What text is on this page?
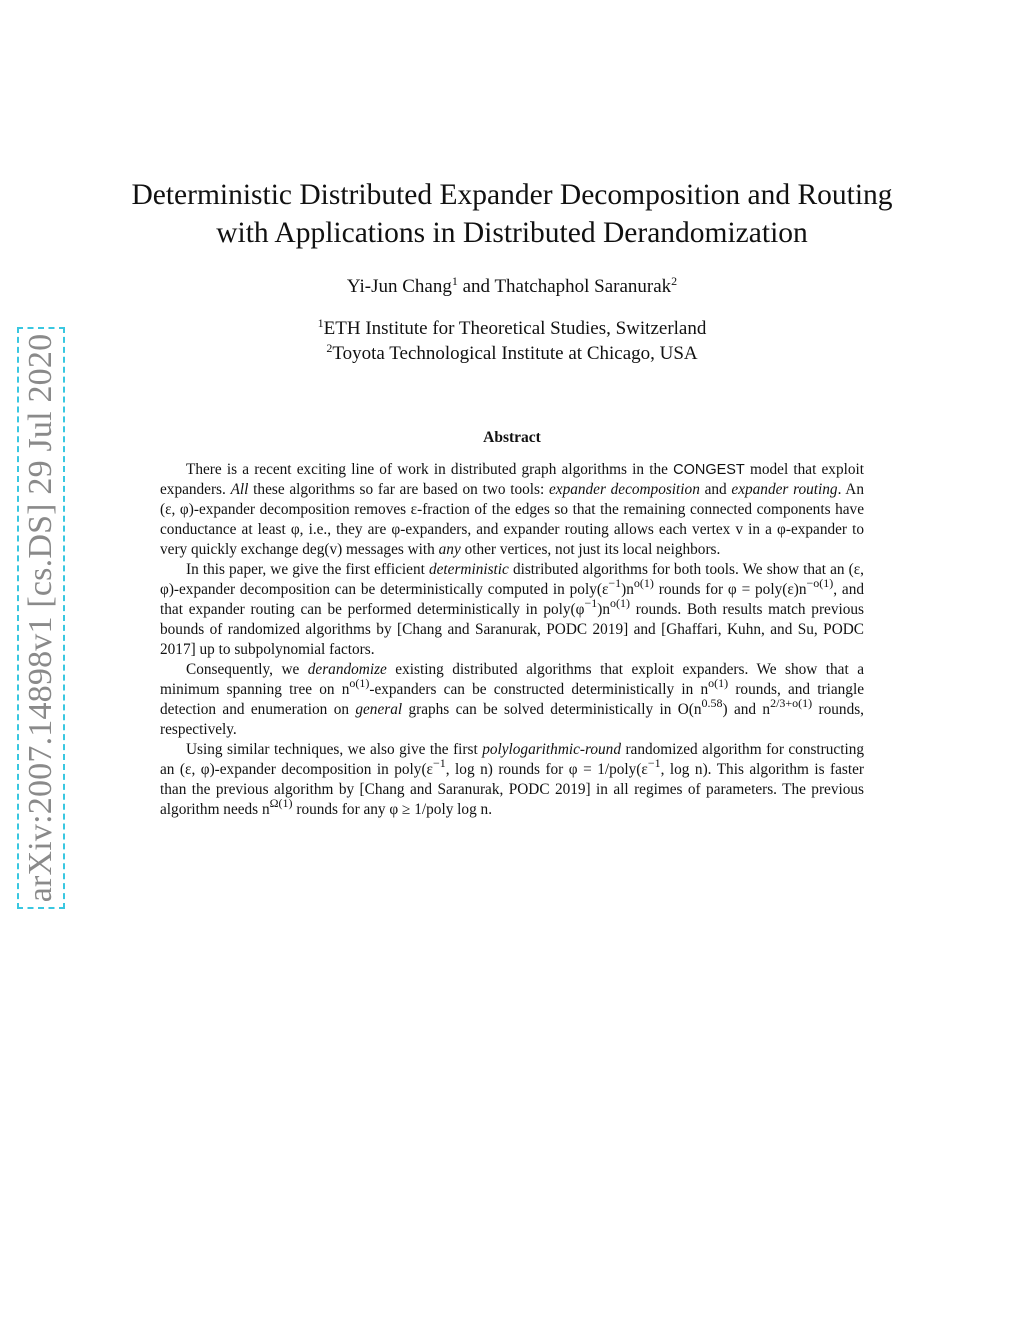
arXiv:2007.14898v1 [cs.DS] 29 Jul 2020
Deterministic Distributed Expander Decomposition and Routing
with Applications in Distributed Derandomization
Yi-Jun Chang$^1$ and Thatchaphol Saranurak$^2$
$^1$ETH Institute for Theoretical Studies, Switzerland
$^2$Toyota Technological Institute at Chicago, USA
Abstract

There is a recent exciting line of work in distributed graph algorithms in the CONGEST model that exploit expanders. All these algorithms so far are based on two tools: expander decomposition and expander routing. An (ε, φ)-expander decomposition removes ε-fraction of the edges so that the remaining connected components have conductance at least φ, i.e., they are φ-expanders, and expander routing allows each vertex v in a φ-expander to very quickly exchange deg(v) messages with any other vertices, not just its local neighbors.

In this paper, we give the first efficient deterministic distributed algorithms for both tools. We show that an (ε, φ)-expander decomposition can be deterministically computed in $poly(\varepsilon^{-1})n^{o(1)}$ rounds for $\varphi = poly(\varepsilon)n^{-o(1)}$, and that expander routing can be performed deterministically in $poly(\varphi^{-1})n^{o(1)}$ rounds. Both results match previous bounds of randomized algorithms by [Chang and Saranurak, PODC 2019] and [Ghaffari, Kuhn, and Su, PODC 2017] up to subpolynomial factors.

Consequently, we derandomize existing distributed algorithms that exploit expanders. We show that a minimum spanning tree on $n^{o(1)}$-expanders can be constructed deterministically in $n^{o(1)}$ rounds, and triangle detection and enumeration on general graphs can be solved deterministically in $O(n^{0.58})$ and $n^{2/3+o(1)}$ rounds, respectively.

Using similar techniques, we also give the first polylogarithmic-round randomized algorithm for constructing an (ε, φ)-expander decomposition in $poly(\varepsilon^{-1}$, log n) rounds for $\varphi = 1/poly(\varepsilon^{-1}$, log n). This algorithm is faster than the previous algorithm by [Chang and Saranurak, PODC 2019] in all regimes of parameters. The previous algorithm needs $n^{\Omega(1)}$ rounds for any φ ≥ 1/poly log n.
